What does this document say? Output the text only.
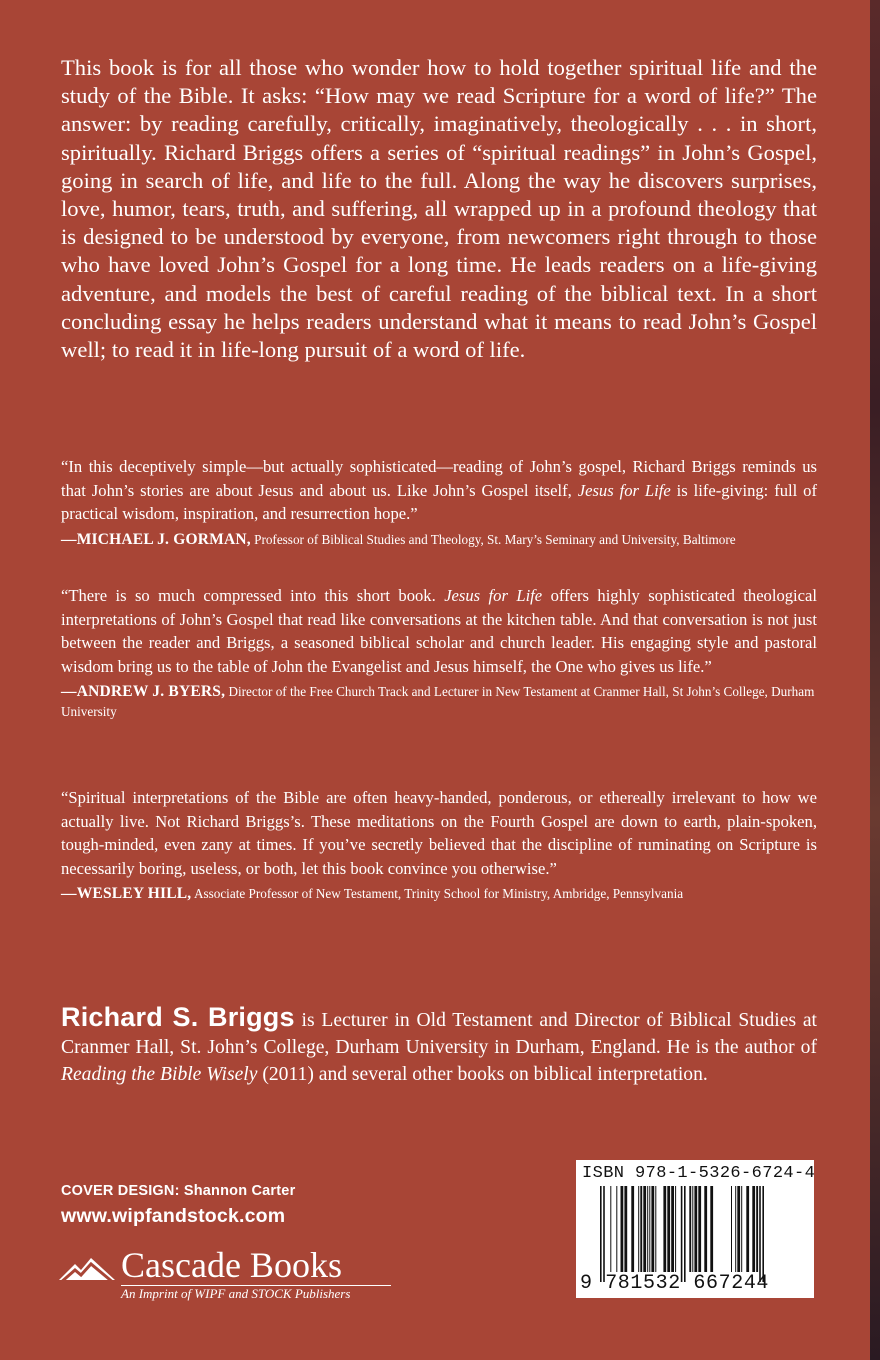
This book is for all those who wonder how to hold together spiritual life and the study of the Bible. It asks: “How may we read Scripture for a word of life?” The answer: by reading carefully, critically, imaginatively, theologically . . . in short, spiritually. Richard Briggs offers a series of “spiritual readings” in John’s Gospel, going in search of life, and life to the full. Along the way he discovers surprises, love, humor, tears, truth, and suffering, all wrapped up in a profound theology that is designed to be understood by everyone, from newcomers right through to those who have loved John’s Gospel for a long time. He leads readers on a life-giving adventure, and models the best of careful reading of the biblical text. In a short concluding essay he helps readers understand what it means to read John’s Gospel well; to read it in life-long pursuit of a word of life.

“In this deceptively simple—but actually sophisticated—reading of John’s gospel, Richard Briggs reminds us that John’s stories are about Jesus and about us. Like John’s Gospel itself, Jesus for Life is life-giving: full of practical wisdom, inspiration, and resurrection hope.”

—MICHAEL J. GORMAN, Professor of Biblical Studies and Theology, St. Mary’s Seminary and University, Baltimore

“There is so much compressed into this short book. Jesus for Life offers highly sophisticated theological interpretations of John’s Gospel that read like conversations at the kitchen table. And that conversation is not just between the reader and Briggs, a seasoned biblical scholar and church leader. His engaging style and pastoral wisdom bring us to the table of John the Evangelist and Jesus himself, the One who gives us life.”

—ANDREW J. BYERS, Director of the Free Church Track and Lecturer in New Testament at Cranmer Hall, St John’s College, Durham University

“Spiritual interpretations of the Bible are often heavy-handed, ponderous, or ethereally irrelevant to how we actually live. Not Richard Briggs’s. These meditations on the Fourth Gospel are down to earth, plain-spoken, tough-minded, even zany at times. If you’ve secretly believed that the discipline of ruminating on Scripture is necessarily boring, useless, or both, let this book convince you otherwise.”

—WESLEY HILL, Associate Professor of New Testament, Trinity School for Ministry, Ambridge, Pennsylvania

Richard S. Briggs is Lecturer in Old Testament and Director of Biblical Studies at Cranmer Hall, St. John’s College, Durham University in Durham, England. He is the author of Reading the Bible Wisely (2011) and several other books on biblical interpretation.

COVER DESIGN: Shannon Carter
www.wipfandstock.com
Cascade Books
An Imprint of WIPF and STOCK Publishers
ISBN 978-1-5326-6724-4
9 781532 667244
